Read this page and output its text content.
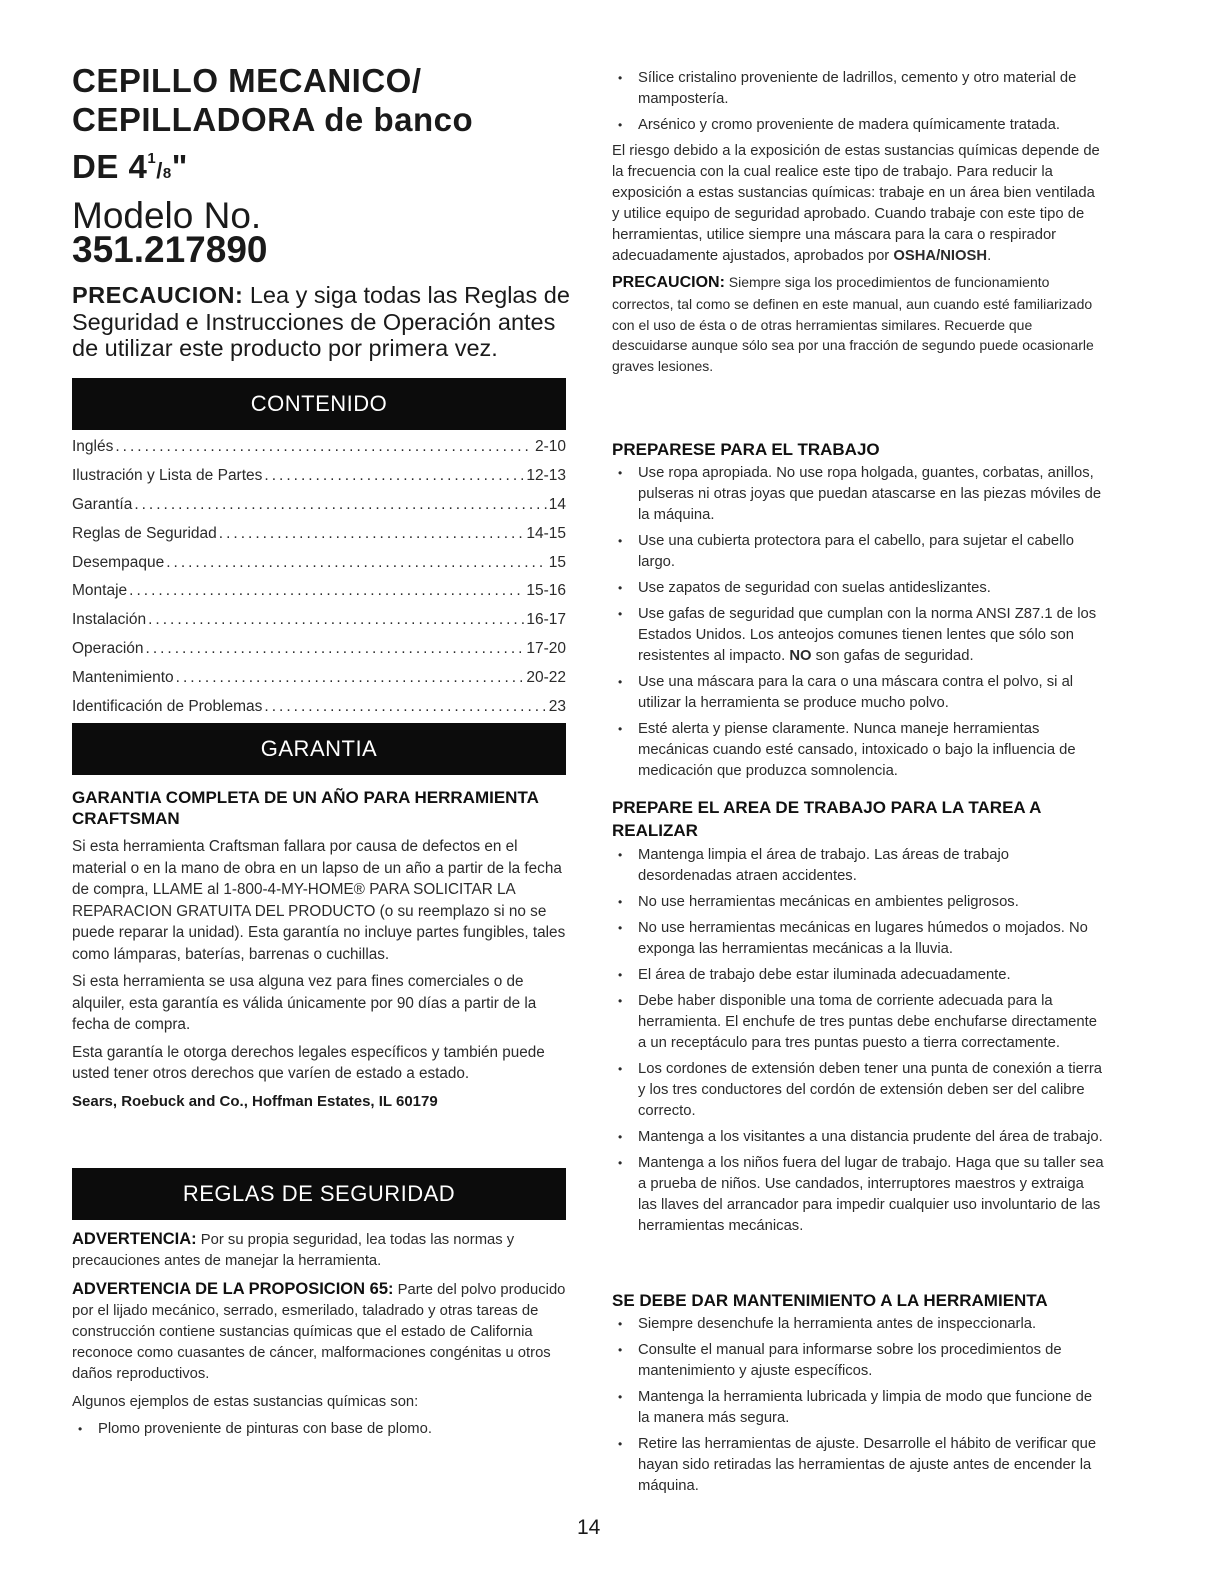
CEPILLO MECANICO/
CEPILLADORA de banco
DE $4^1/8$"
Modelo No.
351.217890
PRECAUCION: Lea y siga todas las Reglas de Seguridad e Instrucciones de Operación antes de utilizar este producto por primera vez.
CONTENIDO
Inglés .....	2-10
Ilustración y Lista de Partes .....	12-13
Garantía .....	14
Reglas de Seguridad .....	14-15
Desempaque .....	15
Montaje .....	15-16
Instalación .....	16-17
Operación .....	17-20
Mantenimiento .....	20-22
Identificación de Problemas .....	23
GARANTIA
GARANTIA COMPLETA DE UN AÑO PARA HERRAMIENTA CRAFTSMAN

Si esta herramienta Craftsman fallara por causa de defectos en el material o en la mano de obra en un lapso de un año a partir de la fecha de compra, LLAME al 1-800-4-MY-HOME® PARA SOLICITAR LA REPARACION GRATUITA DEL PRODUCTO (o su reemplazo si no se puede reparar la unidad). Esta garantía no incluye partes fungibles, tales como lámparas, baterías, barrenas o cuchillas.

Si esta herramienta se usa alguna vez para fines comerciales o de alquiler, esta garantía es válida únicamente por 90 días a partir de la fecha de compra.

Esta garantía le otorga derechos legales específicos y también puede usted tener otros derechos que varíen de estado a estado.

Sears, Roebuck and Co., Hoffman Estates, IL 60179
REGLAS DE SEGURIDAD

ADVERTENCIA: Por su propia seguridad, lea todas las normas y precauciones antes de manejar la herramienta.

ADVERTENCIA DE LA PROPOSICION 65: Parte del polvo producido por el lijado mecánico, serrado, esmerilado, taladrado y otras tareas de construcción contiene sustancias químicas que el estado de California reconoce como cuasantes de cáncer, malformaciones congénitas u otros daños reproductivos.

Algunos ejemplos de estas sustancias químicas son:

• Plomo proveniente de pinturas con base de plomo.
• Sílice cristalino proveniente de ladrillos, cemento y otro material de mampostería.
• Arsénico y cromo proveniente de madera químicamente tratada.

El riesgo debido a la exposición de estas sustancias químicas depende de la frecuencia con la cual realice este tipo de trabajo. Para reducir la exposición a estas sustancias químicas: trabaje en un área bien ventilada y utilice equipo de seguridad aprobado. Cuando trabaje con este tipo de herramientas, utilice siempre una máscara para la cara o respirador adecuadamente ajustados, aprobados por OSHA/NIOSH.

PRECAUCION: Siempre siga los procedimientos de funcionamiento correctos, tal como se definen en este manual, aun cuando esté familiarizado con el uso de ésta o de otras herramientas similares. Recuerde que descuidarse aunque sólo sea por una fracción de segundo puede ocasionarle graves lesiones.

PREPARESE PARA EL TRABAJO
• Use ropa apropiada. No use ropa holgada, guantes, corbatas, anillos, pulseras ni otras joyas que puedan atascarse en las piezas móviles de la máquina.
• Use una cubierta protectora para el cabello, para sujetar el cabello largo.
• Use zapatos de seguridad con suelas antideslizantes.
• Use gafas de seguridad que cumplan con la norma ANSI Z87.1 de los Estados Unidos. Los anteojos comunes tienen lentes que sólo son resistentes al impacto. NO son gafas de seguridad.
• Use una máscara para la cara o una máscara contra el polvo, si al utilizar la herramienta se produce mucho polvo.
• Esté alerta y piense claramente. Nunca maneje herramientas mecánicas cuando esté cansado, intoxicado o bajo la influencia de medicación que produzca somnolencia.
PREPARE EL AREA DE TRABAJO PARA LA TAREA A REALIZAR
• Mantenga limpia el área de trabajo. Las áreas de trabajo desordenadas atraen accidentes.
• No use herramientas mecánicas en ambientes peligrosos.
• No use herramientas mecánicas en lugares húmedos o mojados. No exponga las herramientas mecánicas a la lluvia.
• El área de trabajo debe estar iluminada adecuadamente.
• Debe haber disponible una toma de corriente adecuada para la herramienta. El enchufe de tres puntas debe enchufarse directamente a un receptáculo para tres puntas puesto a tierra correctamente.
• Los cordones de extensión deben tener una punta de conexión a tierra y los tres conductores del cordón de extensión deben ser del calibre correcto.
• Mantenga a los visitantes a una distancia prudente del área de trabajo.
• Mantenga a los niños fuera del lugar de trabajo. Haga que su taller sea a prueba de niños. Use candados, interruptores maestros y extraiga las llaves del arrancador para impedir cualquier uso involuntario de las herramientas mecánicas.
SE DEBE DAR MANTENIMIENTO A LA HERRAMIENTA
• Siempre desenchufe la herramienta antes de inspeccionarla.
• Consulte el manual para informarse sobre los procedimientos de mantenimiento y ajuste específicos.
• Mantenga la herramienta lubricada y limpia de modo que funcione de la manera más segura.
• Retire las herramientas de ajuste. Desarrolle el hábito de verificar que hayan sido retiradas las herramientas de ajuste antes de encender la máquina.
14
